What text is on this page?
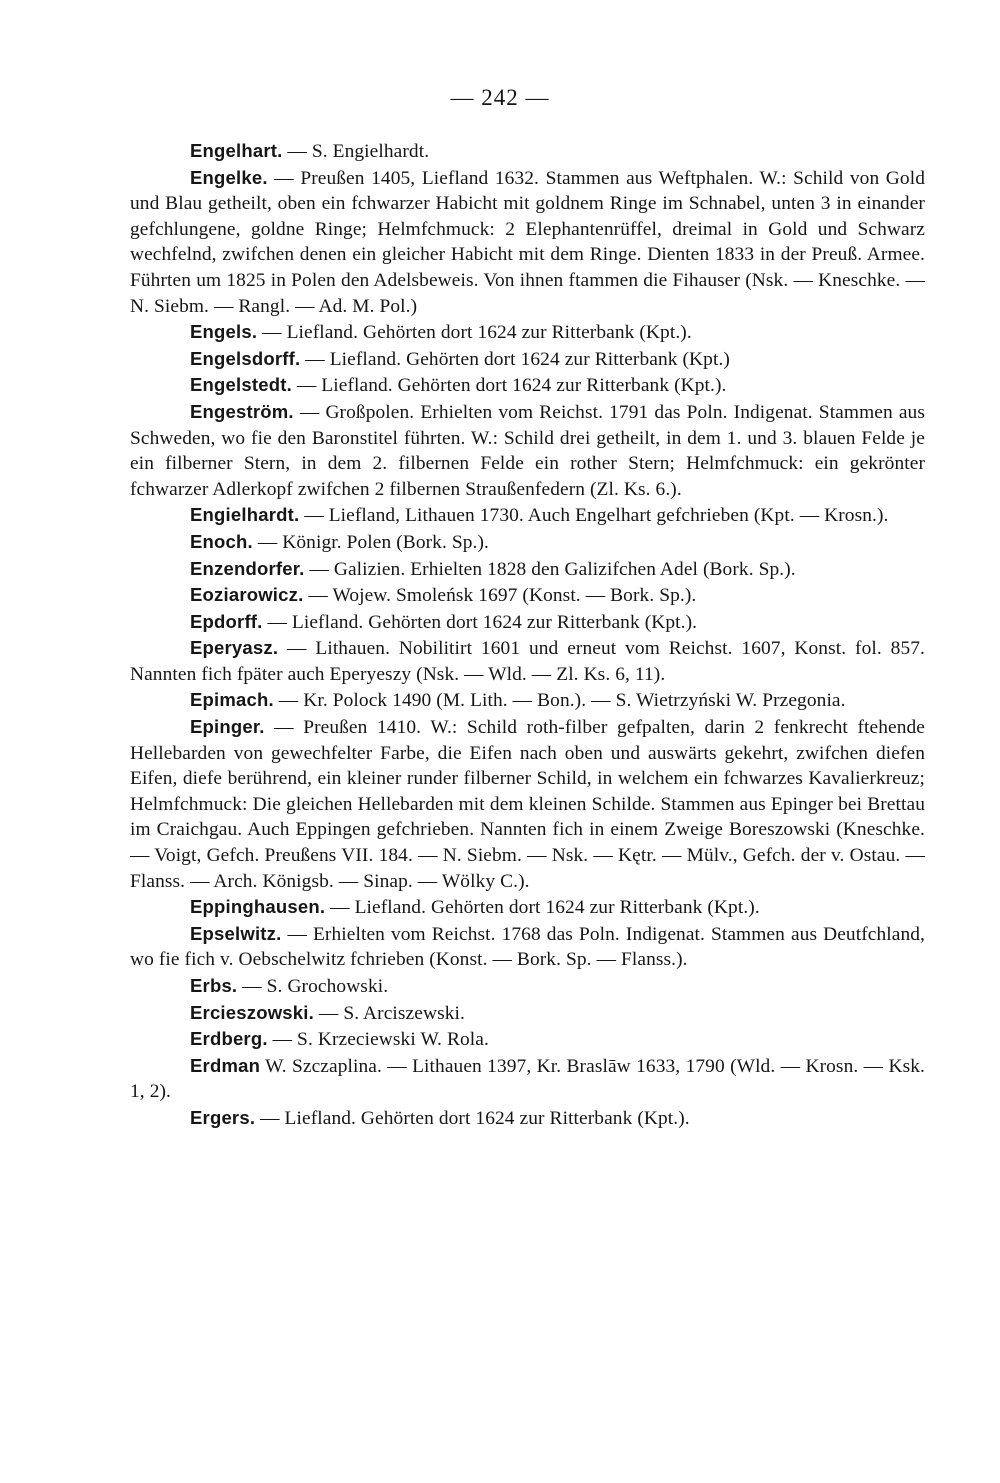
— 242 —

Engelhart. — S. Engielhardt.

Engelke. — Preußen 1405, Liefland 1632. Stammen aus Weftphalen. W.: Schild von Gold und Blau getheilt, oben ein fchwarzer Habicht mit goldnem Ringe im Schnabel, unten 3 in einander gefchlungene, goldne Ringe; Helmfchmuck: 2 Elephantenrüffel, dreimal in Gold und Schwarz wechfelnd, zwifchen denen ein gleicher Habicht mit dem Ringe. Dienten 1833 in der Preuß. Armee. Führten um 1825 in Polen den Adelsbeweis. Von ihnen ftammen die Fihauser (Nsk. — Kneschke. — N. Siebm. — Rangl. — Ad. M. Pol.)

Engels. — Liefland. Gehörten dort 1624 zur Ritterbank (Kpt.).

Engelsdorff. — Liefland. Gehörten dort 1624 zur Ritterbank (Kpt.)

Engelstedt. — Liefland. Gehörten dort 1624 zur Ritterbank (Kpt.).

Engeström. — Großpolen. Erhielten vom Reichst. 1791 das Poln. Indigenat. Stammen aus Schweden, wo fie den Baronstitel führten. W.: Schild drei getheilt, in dem 1. und 3. blauen Felde je ein filberner Stern, in dem 2. filbernen Felde ein rother Stern; Helmfchmuck: ein gekrönter fchwarzer Adlerkopf zwifchen 2 filbernen Straußenfedern (Zl. Ks. 6.).

Engielhardt. — Liefland, Lithauen 1730. Auch Engelhart gefchrieben (Kpt. — Krosn.).

Enoch. — Königr. Polen (Bork. Sp.).

Enzendorfer. — Galizien. Erhielten 1828 den Galizifchen Adel (Bork. Sp.).

Eoziarowicz. — Wojew. Smoleńsk 1697 (Konst. — Bork. Sp.).

Epdorff. — Liefland. Gehörten dort 1624 zur Ritterbank (Kpt.).

Eperyasz. — Lithauen. Nobilitirt 1601 und erneut vom Reichst. 1607, Konst. fol. 857. Nannten fich fpäter auch Eperyeszy (Nsk. — Wld. — Zl. Ks. 6, 11).

Epimach. — Kr. Polock 1490 (M. Lith. — Bon.). — S. Wietrzyński W. Przegonia.

Epinger. — Preußen 1410. W.: Schild roth-filber gefpalten, darin 2 fenkrecht ftehende Hellebarden von gewechfelter Farbe, die Eifen nach oben und auswärts gekehrt, zwifchen diefen Eifen, diefe berührend, ein kleiner runder filberner Schild, in welchem ein fchwarzes Kavalierkreuz; Helmfchmuck: Die gleichen Hellebarden mit dem kleinen Schilde. Stammen aus Epinger bei Brettau im Craichgau. Auch Eppingen gefchrieben. Nannten fich in einem Zweige Boreszowski (Kneschke. — Voigt, Gefch. Preußens VII. 184. — N. Siebm. — Nsk. — Kętr. — Mülv., Gefch. der v. Ostau. — Flanss. — Arch. Königsb. — Sinap. — Wölky C.).

Eppinghausen. — Liefland. Gehörten dort 1624 zur Ritterbank (Kpt.).

Epselwitz. — Erhielten vom Reichst. 1768 das Poln. Indigenat. Stammen aus Deutfchland, wo fie fich v. Oebschelwitz fchrieben (Konst. — Bork. Sp. — Flanss.).

Erbs. — S. Grochowski.

Ercieszowski. — S. Arciszewski.

Erdberg. — S. Krzeciewski W. Rola.

Erdman W. Szczaplina. — Lithauen 1397, Kr. Braslāw 1633, 1790 (Wld. — Krosn. — Ksk. 1, 2).

Ergers. — Liefland. Gehörten dort 1624 zur Ritterbank (Kpt.).
